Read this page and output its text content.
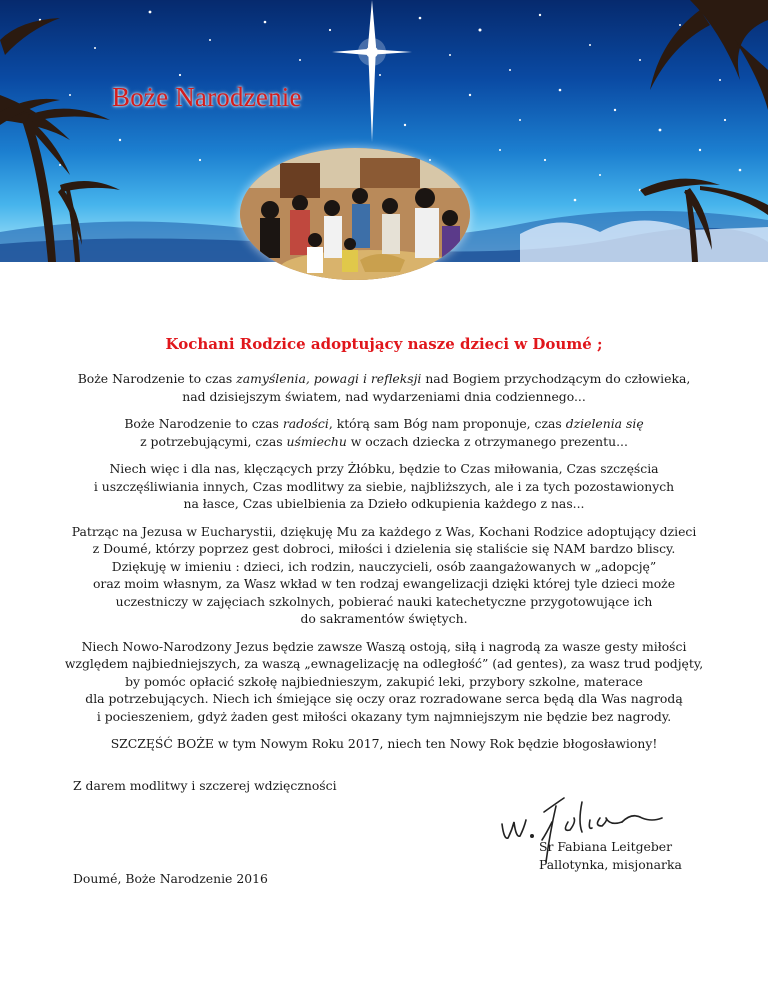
Boże Narodzenie
Kochani Rodzice adoptujący nasze dzieci w Doumé ;

Boże Narodzenie to czas zamyślenia, powagi i refleksji nad Bogiem przychodzącym do człowieka,
nad dzisiejszym światem, nad wydarzeniami dnia codziennego...

Boże Narodzenie to czas radości, którą sam Bóg nam proponuje, czas dzielenia się
z potrzebującymi, czas uśmiechu w oczach dziecka z otrzymanego prezentu...

Niech więc i dla nas, klęczących przy Żłóbku, będzie to Czas miłowania, Czas szczęścia
i uszczęśliwiania innych, Czas modlitwy za siebie, najbliższych, ale i za tych pozostawionych
na łasce, Czas ubielbienia za Dzieło odkupienia każdego z nas...

Patrząc na Jezusa w Eucharystii, dziękuję Mu za każdego z Was, Kochani Rodzice adoptujący dzieci
z Doumé, którzy poprzez gest dobroci, miłości i dzielenia się staliście się NAM bardzo bliscy.
Dziękuję w imieniu : dzieci, ich rodzin, nauczycieli, osób zaangażowanych w „adopcję”
oraz moim własnym, za Wasz wkład w ten rodzaj ewangelizacji dzięki której tyle dzieci może
uczestniczy w zajęciach szkolnych, pobierać nauki katechetyczne przygotowujące ich
do sakramentów świętych.

Niech Nowo-Narodzony Jezus będzie zawsze Waszą ostoją, siłą i nagrodą za wasze gesty miłości
względem najbiedniejszych, za waszą „ewnagelizację na odległość” (ad gentes), za wasz trud podjęty,
by pomóc opłacić szkołę najbiednieszym, zakupić leki, przybory szkolne, materace
dla potrzebujących. Niech ich śmiejące się oczy oraz rozradowane serca będą dla Was nagrodą
i pocieszeniem, gdyż żaden gest miłości okazany tym najmniejszym nie będzie bez nagrody.

SZCZĘŚĆ BOŻE w tym Nowym Roku 2017, niech ten Nowy Rok będzie błogosławiony!

Z darem modlitwy i szczerej wdzięczności
Sr Fabiana Leitgeber
Pallotynka, misjonarka
Doumé, Boże Narodzenie 2016
